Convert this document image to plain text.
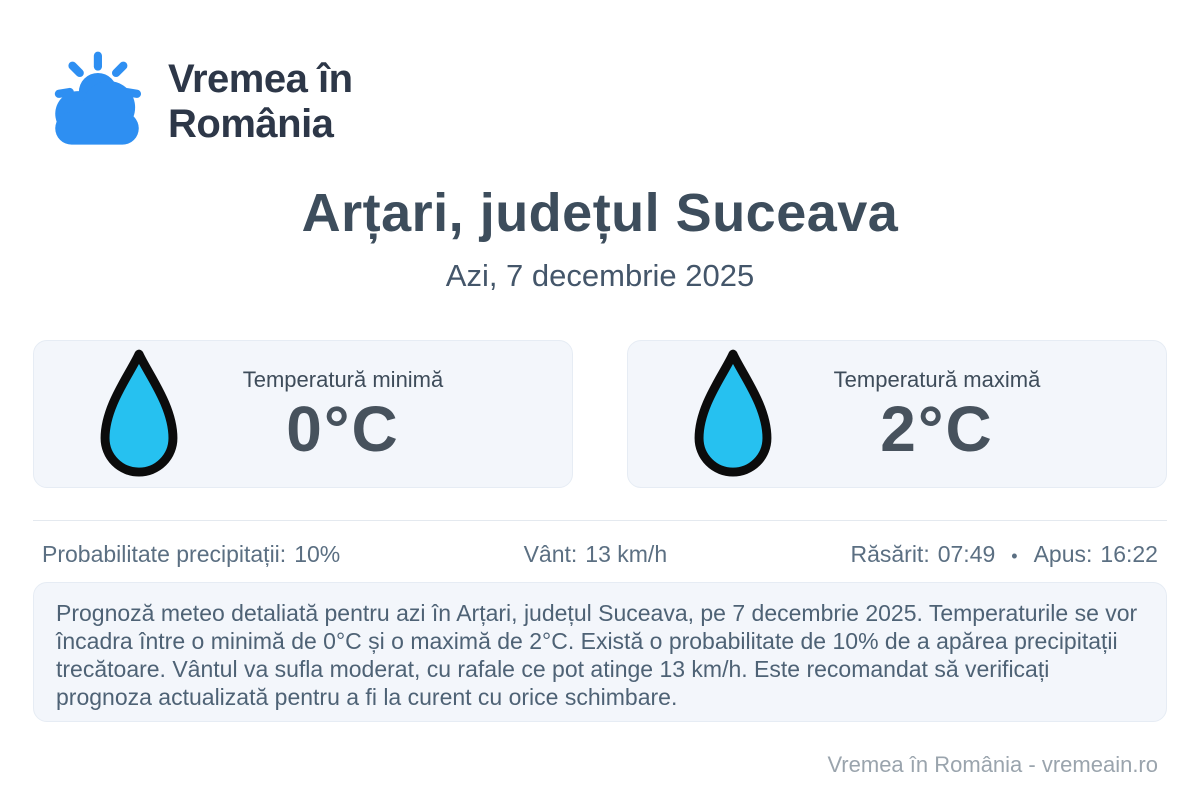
Vremea în
România
Arțari, județul Suceava
Azi, 7 decembrie 2025
Temperatură minimă
0°C
Temperatură maximă
2°C
Probabilitate precipitații: 10%	Vânt: 13 km/h	Răsărit: 07:49 • Apus: 16:22

Prognoză meteo detaliată pentru azi în Arțari, județul Suceava, pe 7 decembrie 2025. Temperaturile se vor încadra între o minimă de 0°C și o maximă de 2°C. Există o probabilitate de 10% de a apărea precipitații trecătoare. Vântul va sufla moderat, cu rafale ce pot atinge 13 km/h. Este recomandat să verificați prognoza actualizată pentru a fi la curent cu orice schimbare.

Vremea în România - vremeain.ro
